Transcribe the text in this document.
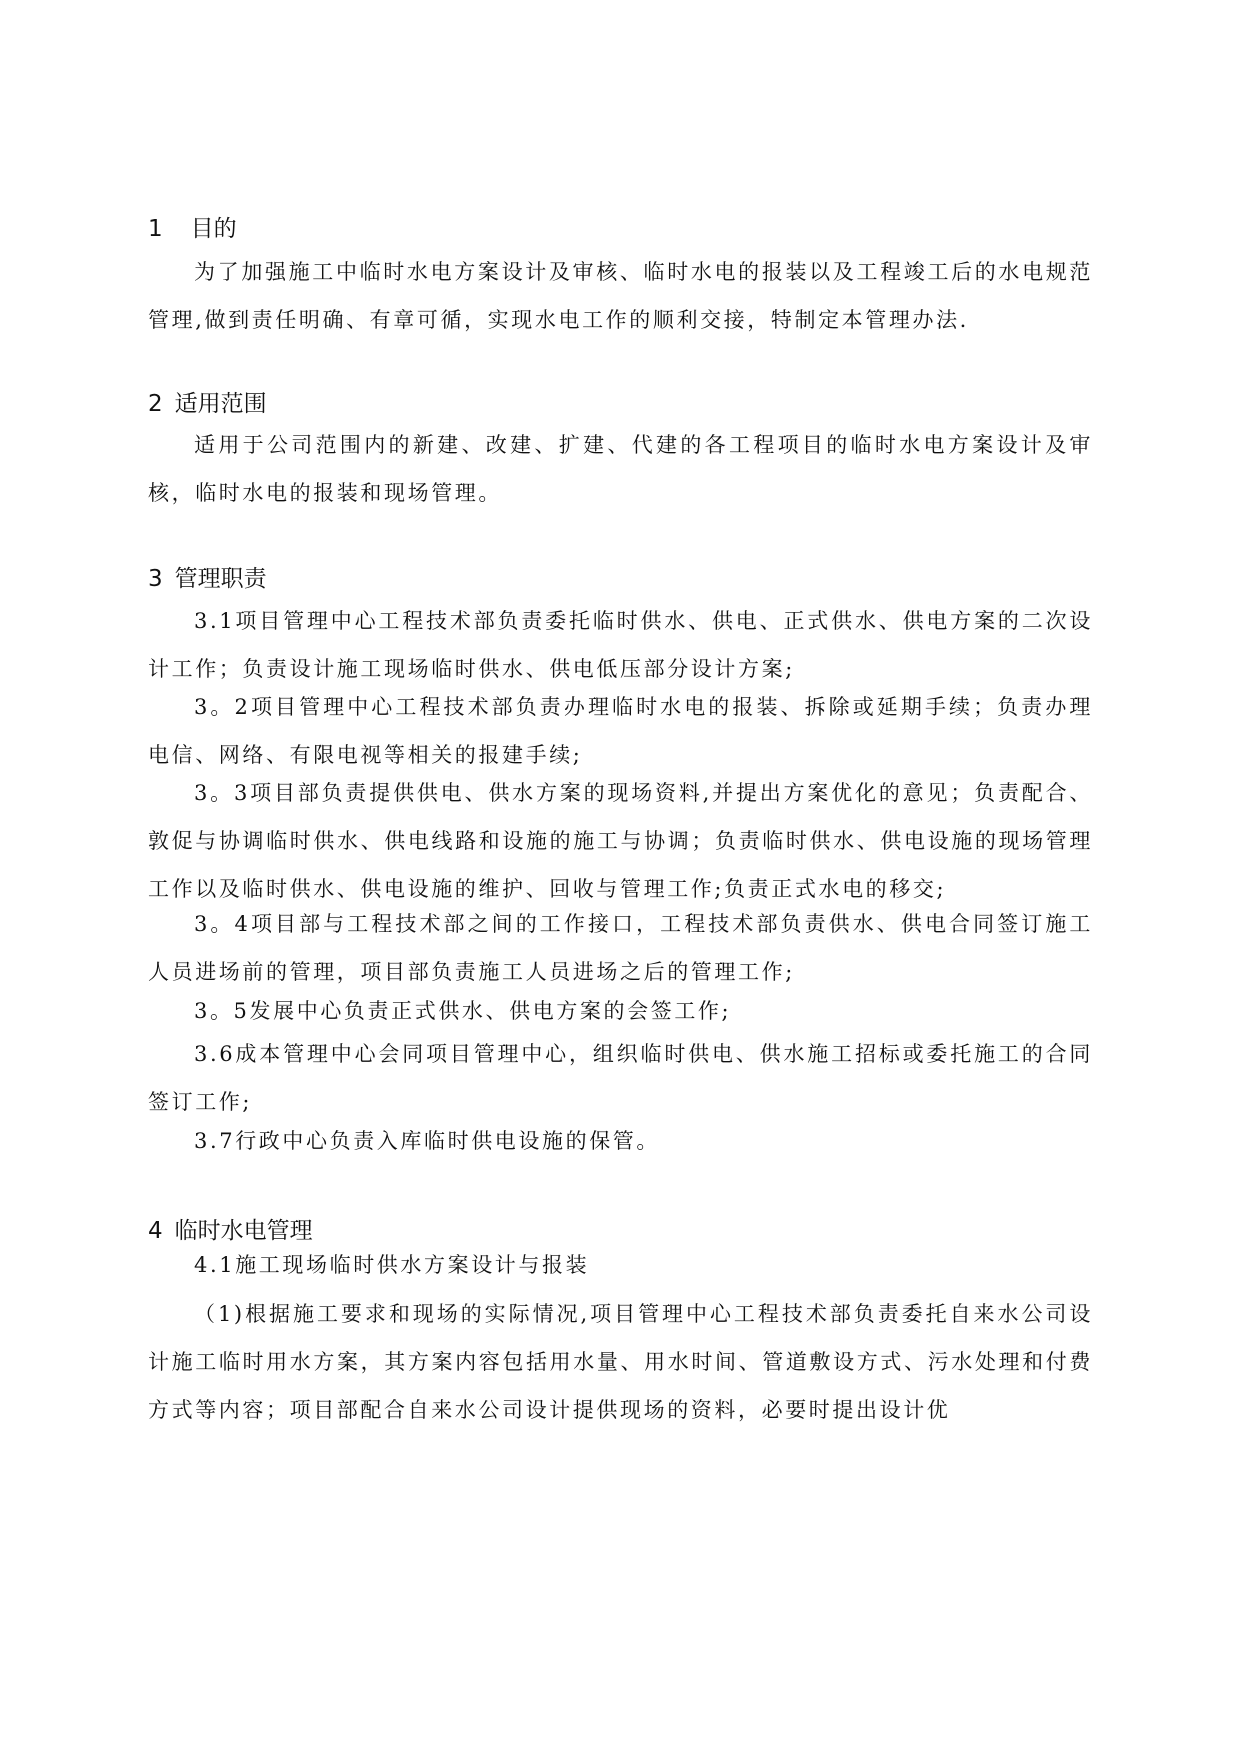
1 目的
为了加强施工中临时水电方案设计及审核、临时水电的报装以及工程竣工后的水电规范管理,做到责任明确、有章可循，实现水电工作的顺利交接，特制定本管理办法.
2 适用范围
适用于公司范围内的新建、改建、扩建、代建的各工程项目的临时水电方案设计及审核，临时水电的报装和现场管理。
3 管理职责
3.1项目管理中心工程技术部负责委托临时供水、供电、正式供水、供电方案的二次设计工作；负责设计施工现场临时供水、供电低压部分设计方案;
3。2项目管理中心工程技术部负责办理临时水电的报装、拆除或延期手续；负责办理电信、网络、有限电视等相关的报建手续;
3。3项目部负责提供供电、供水方案的现场资料,并提出方案优化的意见；负责配合、敦促与协调临时供水、供电线路和设施的施工与协调；负责临时供水、供电设施的现场管理工作以及临时供水、供电设施的维护、回收与管理工作;负责正式水电的移交;
3。4项目部与工程技术部之间的工作接口，工程技术部负责供水、供电合同签订施工人员进场前的管理，项目部负责施工人员进场之后的管理工作;
3。5发展中心负责正式供水、供电方案的会签工作;
3.6成本管理中心会同项目管理中心，组织临时供电、供水施工招标或委托施工的合同签订工作;
3.7行政中心负责入库临时供电设施的保管。
4 临时水电管理
4.1施工现场临时供水方案设计与报装
（1)根据施工要求和现场的实际情况,项目管理中心工程技术部负责委托自来水公司设计施工临时用水方案，其方案内容包括用水量、用水时间、管道敷设方式、污水处理和付费方式等内容；项目部配合自来水公司设计提供现场的资料，必要时提出设计优
